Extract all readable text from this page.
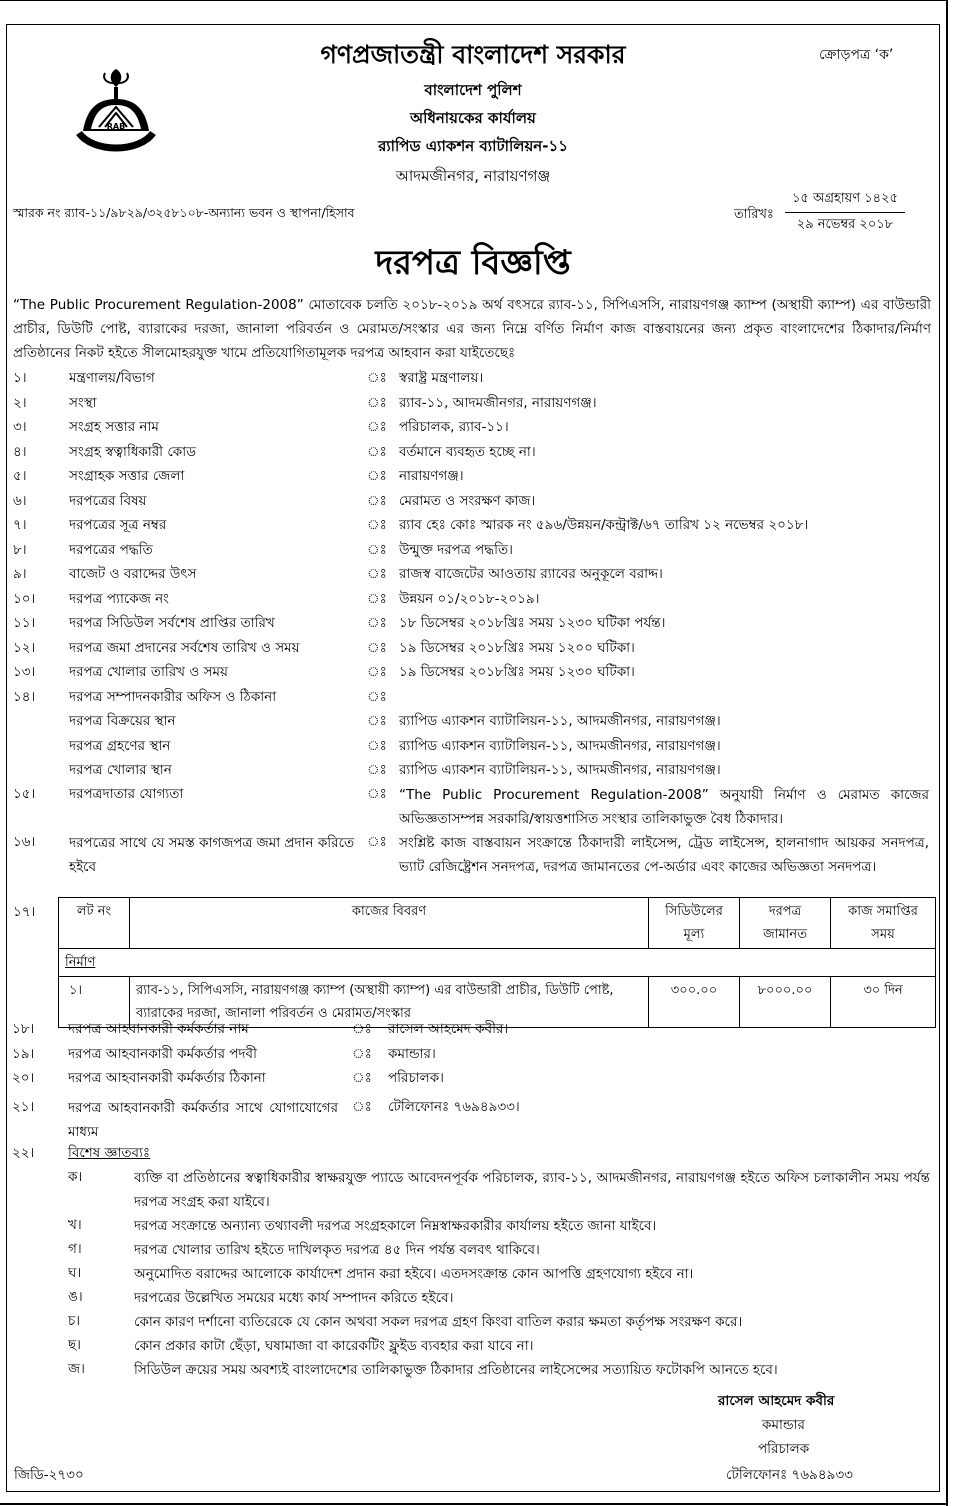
গণপ্রজাতন্ত্রী বাংলাদেশ সরকার	ক্রোড়পত্র ‘ক’
RAB
বাংলাদেশ পুলিশ
অধিনায়কের কার্যালয়
র‍্যাপিড এ্যাকশন ব্যাটালিয়ন-১১
আদমজীনগর, নারায়ণগঞ্জ
স্মারক নং র‍্যাব-১১/৯৮২৯/৩২৫৮১০৮-অন্যান্য ভবন ও স্থাপনা/হিসাব	তারিখঃ
১৫ অগ্রহায়ণ ১৪২৫
২৯ নভেম্বর ২০১৮
দরপত্র বিজ্ঞপ্তি
“The Public Procurement Regulation-2008” মোতাবেক চলতি ২০১৮-২০১৯ অর্থ বৎসরে র‍্যাব-১১, সিপিএসসি, নারায়ণগঞ্জ ক্যাম্প (অস্থায়ী ক্যাম্প) এর বাউন্ডারী প্রাচীর, ডিউটি পোষ্ট, ব্যারাকের দরজা, জানালা পরিবর্তন ও মেরামত/সংস্কার এর জন্য নিম্নে বর্ণিত নির্মাণ কাজ বাস্তবায়নের জন্য প্রকৃত বাংলাদেশের ঠিকাদার/নির্মাণ প্রতিষ্ঠানের নিকট হইতে সীলমোহরযুক্ত খামে প্রতিযোগিতামূলক দরপত্র আহবান করা যাইতেছেঃ
১।	মন্ত্রণালয়/বিভাগ	ঃ স্বরাষ্ট্র মন্ত্রণালয়।
২।	সংস্থা	ঃ র‍্যাব-১১, আদমজীনগর, নারায়ণগঞ্জ।
৩।	সংগ্রহ সত্তার নাম	ঃ পরিচালক, র‍্যাব-১১।
৪।	সংগ্রহ স্বত্বাধিকারী কোড	ঃ বর্তমানে ব্যবহৃত হচ্ছে না।
৫।	সংগ্রাহক সত্তার জেলা	ঃ নারায়ণগঞ্জ।
৬।	দরপত্রের বিষয়	ঃ মেরামত ও সংরক্ষণ কাজ।
৭।	দরপত্রের সূত্র নম্বর	ঃ র‍্যাব হেঃ কোঃ স্মারক নং ৫৯৬/উন্নয়ন/কন্ট্রাক্ট/৬৭ তারিখ ১২ নভেম্বর ২০১৮।
৮।	দরপত্রের পদ্ধতি	ঃ উন্মুক্ত দরপত্র পদ্ধতি।
৯।	বাজেট ও বরাদ্দের উৎস	ঃ রাজস্ব বাজেটের আওতায় র‍্যাবের অনুকূলে বরাদ্দ।
১০। দরপত্র প্যাকেজ নং	ঃ উন্নয়ন ০১/২০১৮-২০১৯।
১১। দরপত্র সিডিউল সর্বশেষ প্রাপ্তির তারিখ	ঃ ১৮ ডিসেম্বর ২০১৮খ্রিঃ সময় ১২৩০ ঘটিকা পর্যন্ত।
১২। দরপত্র জমা প্রদানের সর্বশেষ তারিখ ও সময়	ঃ ১৯ ডিসেম্বর ২০১৮খ্রিঃ সময় ১২০০ ঘটিকা।
১৩। দরপত্র খোলার তারিখ ও সময়	ঃ ১৯ ডিসেম্বর ২০১৮খ্রিঃ সময় ১২৩০ ঘটিকা।
১৪। দরপত্র সম্পাদনকারীর অফিস ও ঠিকানা	ঃ
দরপত্র বিক্রয়ের স্থান	ঃ র‍্যাপিড এ্যাকশন ব্যাটালিয়ন-১১, আদমজীনগর, নারায়ণগঞ্জ।
দরপত্র গ্রহণের স্থান	ঃ র‍্যাপিড এ্যাকশন ব্যাটালিয়ন-১১, আদমজীনগর, নারায়ণগঞ্জ।
দরপত্র খোলার স্থান	ঃ র‍্যাপিড এ্যাকশন ব্যাটালিয়ন-১১, আদমজীনগর, নারায়ণগঞ্জ।
১৫। দরপত্রদাতার যোগ্যতা	ঃ “The Public Procurement Regulation-2008” অনুযায়ী নির্মাণ ও মেরামত কাজের অভিজ্ঞতাসম্পন্ন সরকারি/স্বায়ত্তশাসিত সংস্থার তালিকাভুক্ত বৈধ ঠিকাদার।
১৬। দরপত্রের সাথে যে সমস্ত কাগজপত্র জমা প্রদান করিতে হইবে
ঃ সংশ্লিষ্ট কাজ বাস্তবায়ন সংক্রান্তে ঠিকাদারী লাইসেন্স, ট্রেড লাইসেন্স, হালনাগাদ আয়কর সনদপত্র, ভ্যাট রেজিষ্ট্রেশন সনদপত্র, দরপত্র জামানতের পে-অর্ডার এবং কাজের অভিজ্ঞতা সনদপত্র।
১৭।	লট নং	কাজের বিবরণ	সিডিউলের মূল্য	দরপত্র জামানত	কাজ সমাপ্তির সময়
নির্মাণ				
১।	র‍্যাব-১১, সিপিএসসি, নারায়ণগঞ্জ ক্যাম্প (অস্থায়ী ক্যাম্প) এর বাউন্ডারী প্রাচীর, ডিউটি পোষ্ট, ব্যারাকের দরজা, জানালা পরিবর্তন ও মেরামত/সংস্কার	৩০০.০০	৮০০০.০০	৩০ দিন
১৮। দরপত্র আহবানকারী কর্মকর্তার নাম	ঃ রাসেল আহমেদ কবীর।
১৯। দরপত্র আহবানকারী কর্মকর্তার পদবী	ঃ কমান্ডার।
২০। দরপত্র আহবানকারী কর্মকর্তার ঠিকানা	ঃ পরিচালক।
২১। দরপত্র আহবানকারী কর্মকর্তার সাথে যোগাযোগের মাধ্যম
ঃ টেলিফোনঃ ৭৬৯৪৯৩৩।
২২। বিশেষ জ্ঞাতব্যঃ
ক।	ব্যক্তি বা প্রতিষ্ঠানের স্বত্বাধিকারীর স্বাক্ষরযুক্ত প্যাডে আবেদনপূর্বক পরিচালক, র‍্যাব-১১, আদমজীনগর, নারায়ণগঞ্জ হইতে অফিস চলাকালীন সময় পর্যন্ত দরপত্র সংগ্রহ করা যাইবে।
খ।	দরপত্র সংক্রান্তে অন্যান্য তথ্যাবলী দরপত্র সংগ্রহকালে নিম্নস্বাক্ষরকারীর কার্যালয় হইতে জানা যাইবে।
গ।	দরপত্র খোলার তারিখ হইতে দাখিলকৃত দরপত্র ৪৫ দিন পর্যন্ত বলবৎ থাকিবে।
ঘ।	অনুমোদিত বরাদ্দের আলোকে কার্যাদেশ প্রদান করা হইবে। এতদসংক্রান্ত কোন আপত্তি গ্রহণযোগ্য হইবে না।
ঙ।	দরপত্রের উল্লেখিত সময়ের মধ্যে কার্য সম্পাদন করিতে হইবে।
চ।	কোন কারণ দর্শানো ব্যতিরেকে যে কোন অথবা সকল দরপত্র গ্রহণ কিংবা বাতিল করার ক্ষমতা কর্তৃপক্ষ সংরক্ষণ করে।
ছ।	কোন প্রকার কাটা ছেঁড়া, ঘষামাজা বা কারেকটিং ফ্লুইড ব্যবহার করা যাবে না।
জ।	সিডিউল ক্রয়ের সময় অবশ্যই বাংলাদেশের তালিকাভুক্ত ঠিকাদার প্রতিষ্ঠানের লাইসেন্সের সত্যায়িত ফটোকপি আনতে হবে।
রাসেল আহমেদ কবীর
কমান্ডার
পরিচালক
টেলিফোনঃ ৭৬৯৪৯৩৩
জিডি-২৭৩০
